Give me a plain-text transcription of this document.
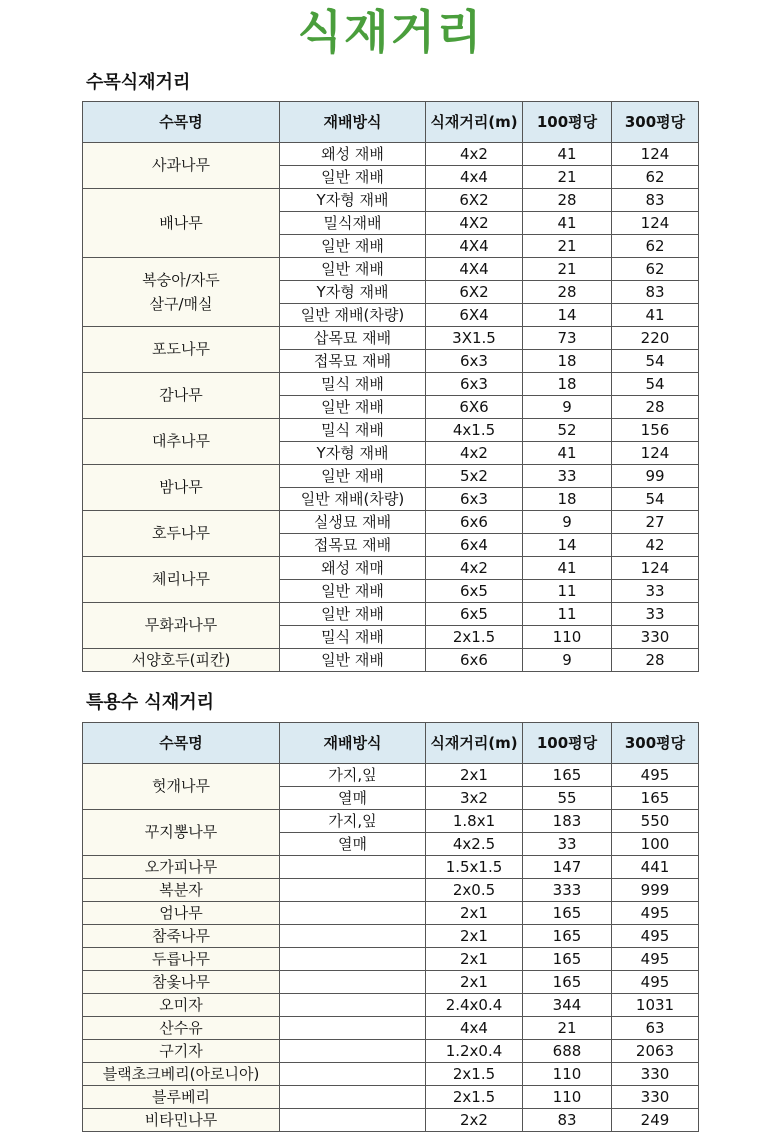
식재거리
수목식재거리
수목명	재배방식	식재거리(m)	100평당	300평당

사과나무	왜성 재배	4x2	41	124
	일반 재배	4x4	21	62

배나무	Y자형 재배	6X2	28	83
	밀식재배	4X2	41	124
	일반 재배	4X4	21	62

복숭아/자두
살구/매실	일반 재배	4X4	21	62
	Y자형 재배	6X2	28	83
	일반 재배(차량)	6X4	14	41

포도나무	삽목묘 재배	3X1.5	73	220
	접목묘 재배	6x3	18	54

감나무	밀식 재배	6x3	18	54
	일반 재배	6X6	9	28

대추나무	밀식 재배	4x1.5	52	156
	Y자형 재배	4x2	41	124

밤나무	일반 재배	5x2	33	99
	일반 재배(차량)	6x3	18	54

호두나무	실생묘 재배	6x6	9	27
	접목묘 재배	6x4	14	42

체리나무	왜성 재매	4x2	41	124
	일반 재배	6x5	11	33

무화과나무	일반 재배	6x5	11	33
	밀식 재배	2x1.5	110	330

서양호두(피칸)	일반 재배	6x6	9	28
특용수 식재거리
수목명	재배방식	식재거리(m)	100평당	300평당

헛개나무	가지,잎	2x1	165	495
	열매	3x2	55	165

꾸지뽕나무	가지,잎	1.8x1	183	550
	열매	4x2.5	33	100

오가피나무		1.5x1.5	147	441

복분자		2x0.5	333	999

엄나무		2x1	165	495

참죽나무		2x1	165	495

두릅나무		2x1	165	495

참옻나무		2x1	165	495

오미자		2.4x0.4	344	1031

산수유		4x4	21	63

구기자		1.2x0.4	688	2063

블랙초크베리(아로니아)		2x1.5	110	330

블루베리		2x1.5	110	330

비타민나무		2x2	83	249
